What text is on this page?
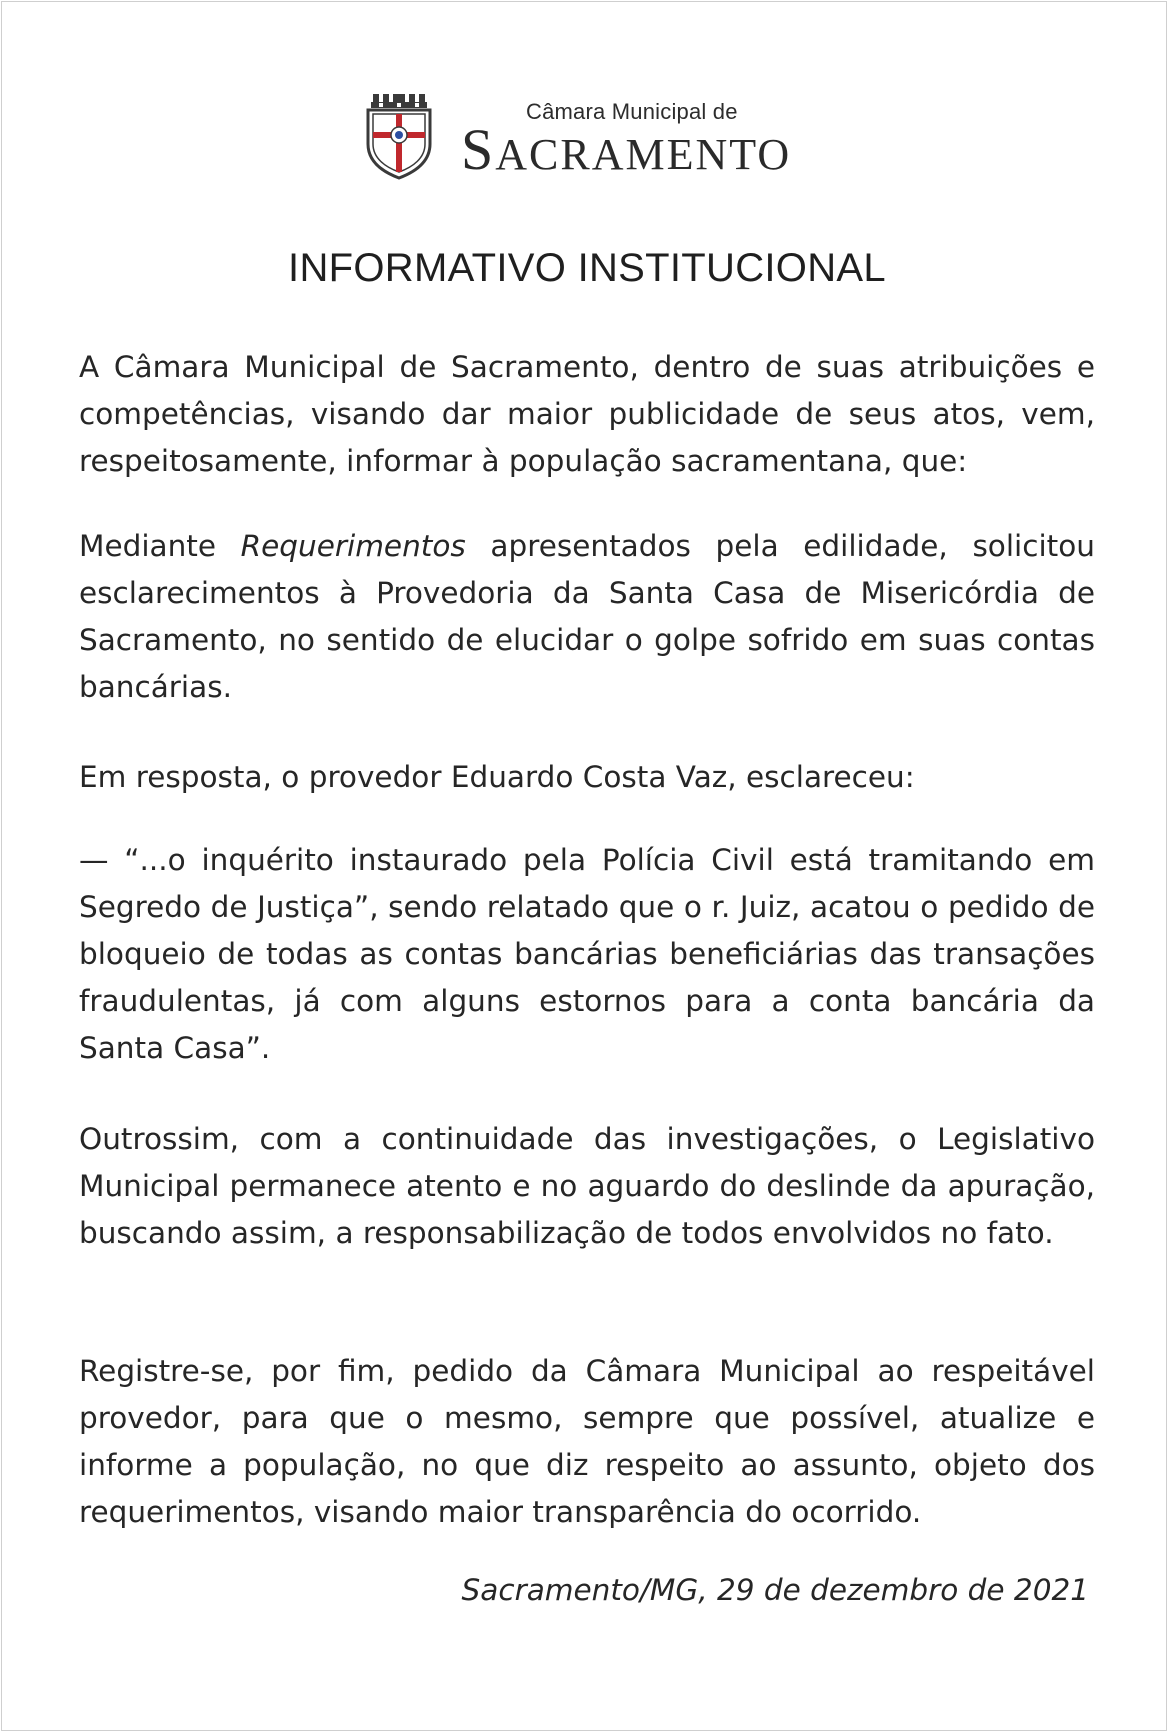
Câmara Municipal de
SACRAMENTO
INFORMATIVO INSTITUCIONAL

A Câmara Municipal de Sacramento, dentro de suas atribuições e competências, visando dar maior publicidade de seus atos, vem, respeitosamente, informar à população sacramentana, que:

Mediante Requerimentos apresentados pela edilidade, solicitou esclarecimentos à Provedoria da Santa Casa de Misericórdia de Sacramento, no sentido de elucidar o golpe sofrido em suas contas bancárias.

Em resposta, o provedor Eduardo Costa Vaz, esclareceu:

— “...o inquérito instaurado pela Polícia Civil está tramitando em Segredo de Justiça”, sendo relatado que o r. Juiz, acatou o pedido de bloqueio de todas as contas bancárias beneficiárias das transações fraudulentas, já com alguns estornos para a conta bancária da Santa Casa”.

Outrossim, com a continuidade das investigações, o Legislativo Municipal permanece atento e no aguardo do deslinde da apuração, buscando assim, a responsabilização de todos envolvidos no fato.

Registre-se, por fim, pedido da Câmara Municipal ao respeitável provedor, para que o mesmo, sempre que possível, atualize e informe a população, no que diz respeito ao assunto, objeto dos requerimentos, visando maior transparência do ocorrido.

Sacramento/MG, 29 de dezembro de 2021
